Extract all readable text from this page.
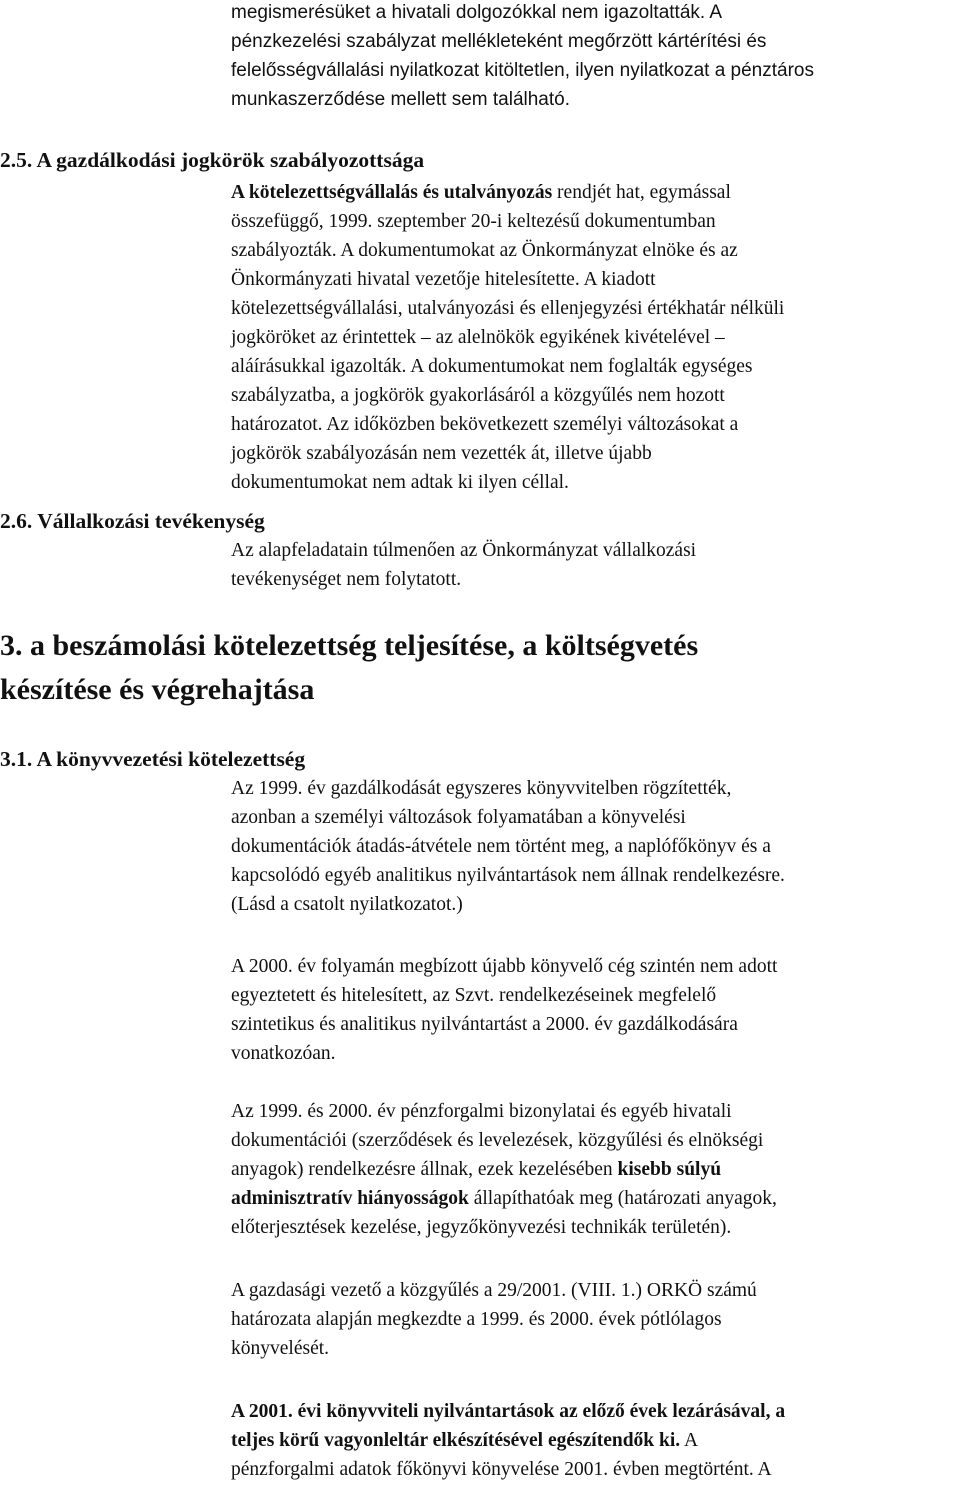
megismerésüket a hivatali dolgozókkal nem igazoltatták. A
pénzkezelési szabályzat mellékleteként megőrzött kártérítési és
felelősségvállalási nyilatkozat kitöltetlen, ilyen nyilatkozat a pénztáros
munkaszerződése mellett sem található.
2.5. A gazdálkodási jogkörök szabályozottsága
A kötelezettségvállalás és utalványozás rendjét hat, egymással
összefüggő, 1999. szeptember 20-i keltezésű dokumentumban
szabályozták. A dokumentumokat az Önkormányzat elnöke és az
Önkormányzati hivatal vezetője hitelesítette. A kiadott
kötelezettségvállalási, utalványozási és ellenjegyzési értékhatár nélküli
jogköröket az érintettek – az alelnökök egyikének kivételével –
aláírásukkal igazolták. A dokumentumokat nem foglalták egységes
szabályzatba, a jogkörök gyakorlásáról a közgyűlés nem hozott
határozatot. Az időközben bekövetkezett személyi változásokat a
jogkörök szabályozásán nem vezették át, illetve újabb
dokumentumokat nem adtak ki ilyen céllal.
2.6. Vállalkozási tevékenység
Az alapfeladatain túlmenően az Önkormányzat vállalkozási
tevékenységet nem folytatott.
3. a beszámolási kötelezettség teljesítése, a költségvetés
készítése és végrehajtása
3.1. A könyvvezetési kötelezettség
Az 1999. év gazdálkodását egyszeres könyvvitelben rögzítették,
azonban a személyi változások folyamatában a könyvelési
dokumentációk átadás-átvétele nem történt meg, a naplófőkönyv és a
kapcsolódó egyéb analitikus nyilvántartások nem állnak rendelkezésre.
(Lásd a csatolt nyilatkozatot.)
A 2000. év folyamán megbízott újabb könyvelő cég szintén nem adott
egyeztetett és hitelesített, az Szvt. rendelkezéseinek megfelelő
szintetikus és analitikus nyilvántartást a 2000. év gazdálkodására
vonatkozóan.
Az 1999. és 2000. év pénzforgalmi bizonylatai és egyéb hivatali
dokumentációi (szerződések és levelezések, közgyűlési és elnökségi
anyagok) rendelkezésre állnak, ezek kezelésében kisebb súlyú
adminisztratív hiányosságok állapíthatóak meg (határozati anyagok,
előterjesztések kezelése, jegyzőkönyvezési technikák területén).
A gazdasági vezető a közgyűlés a 29/2001. (VIII. 1.) ORKÖ számú
határozata alapján megkezdte a 1999. és 2000. évek pótlólagos
könyvelését.
A 2001. évi könyvviteli nyilvántartások az előző évek lezárásával, a
teljes körű vagyonleltár elkészítésével egészítendők ki. A
pénzforgalmi adatok főkönyvi könyvelése 2001. évben megtörtént. A
